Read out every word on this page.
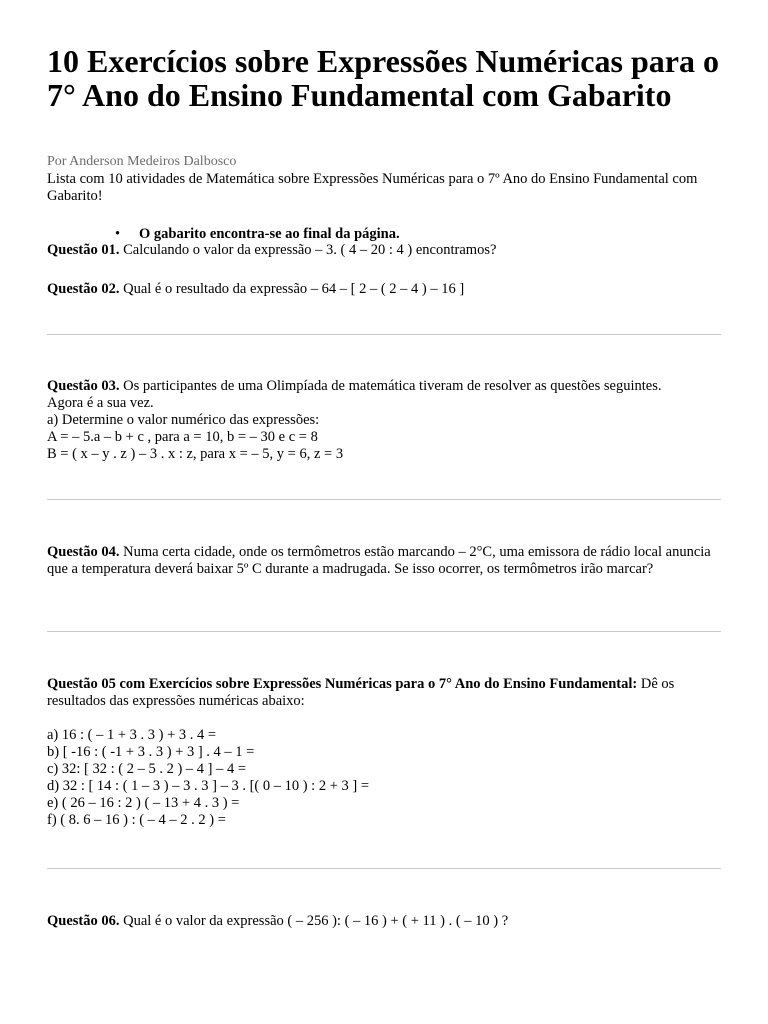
10 Exercícios sobre Expressões Numéricas para o 7° Ano do Ensino Fundamental com Gabarito
Por Anderson Medeiros Dalbosco
Lista com 10 atividades de Matemática sobre Expressões Numéricas para o 7º Ano do Ensino Fundamental com Gabarito!
• O gabarito encontra-se ao final da página.
Questão 01. Calculando o valor da expressão – 3. ( 4 – 20 : 4 ) encontramos?
Questão 02. Qual é o resultado da expressão – 64 – [ 2 – ( 2 – 4 ) – 16 ]
Questão 03. Os participantes de uma Olimpíada de matemática tiveram de resolver as questões seguintes.
Agora é a sua vez.
a) Determine o valor numérico das expressões:
A = – 5.a – b + c , para a = 10, b = – 30 e c = 8
B = ( x – y . z ) – 3 . x : z, para x = – 5, y = 6, z = 3
Questão 04. Numa certa cidade, onde os termômetros estão marcando – 2°C, uma emissora de rádio local anuncia que a temperatura deverá baixar 5º C durante a madrugada. Se isso ocorrer, os termômetros irão marcar?
Questão 05 com Exercícios sobre Expressões Numéricas para o 7° Ano do Ensino Fundamental: Dê os resultados das expressões numéricas abaixo:
a) 16 : ( – 1 + 3 . 3 ) + 3 . 4 =
b) [ -16 : ( -1 + 3 . 3 ) + 3 ] . 4 – 1 =
c) 32: [ 32 : ( 2 – 5 . 2 ) – 4 ] – 4 =
d) 32 : [ 14 : ( 1 – 3 ) – 3 . 3 ] – 3 . [( 0 – 10 ) : 2 + 3 ] =
e) ( 26 – 16 : 2 ) ( – 13 + 4 . 3 ) =
f) ( 8. 6 – 16 ) : ( – 4 – 2 . 2 ) =
Questão 06. Qual é o valor da expressão ( – 256 ): ( – 16 ) + ( + 11 ) . ( – 10 ) ?
